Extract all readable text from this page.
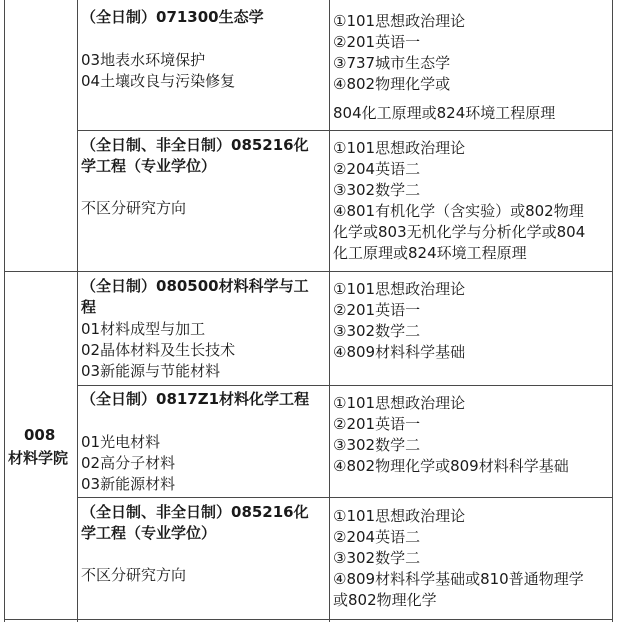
008
材料学院
（全日制）071300生态学
03地表水环境保护
04土壤改良与污染修复
①101思想政治理论
②201英语一
③737城市生态学
④802物理化学或
804化工原理或824环境工程原理
（全日制、非全日制）085216化
学工程（专业学位）
不区分研究方向
①101思想政治理论
②204英语二
③302数学二
④801有机化学（含实验）或802物理
化学或803无机化学与分析化学或804
化工原理或824环境工程原理
（全日制）080500材料科学与工
程
01材料成型与加工
02晶体材料及生长技术
03新能源与节能材料
①101思想政治理论
②201英语一
③302数学二
④809材料科学基础
（全日制）0817Z1材料化学工程
01光电材料
02高分子材料
03新能源材料
①101思想政治理论
②201英语一
③302数学二
④802物理化学或809材料科学基础
（全日制、非全日制）085216化
学工程（专业学位）
不区分研究方向
①101思想政治理论
②204英语二
③302数学二
④809材料科学基础或810普通物理学
或802物理化学
